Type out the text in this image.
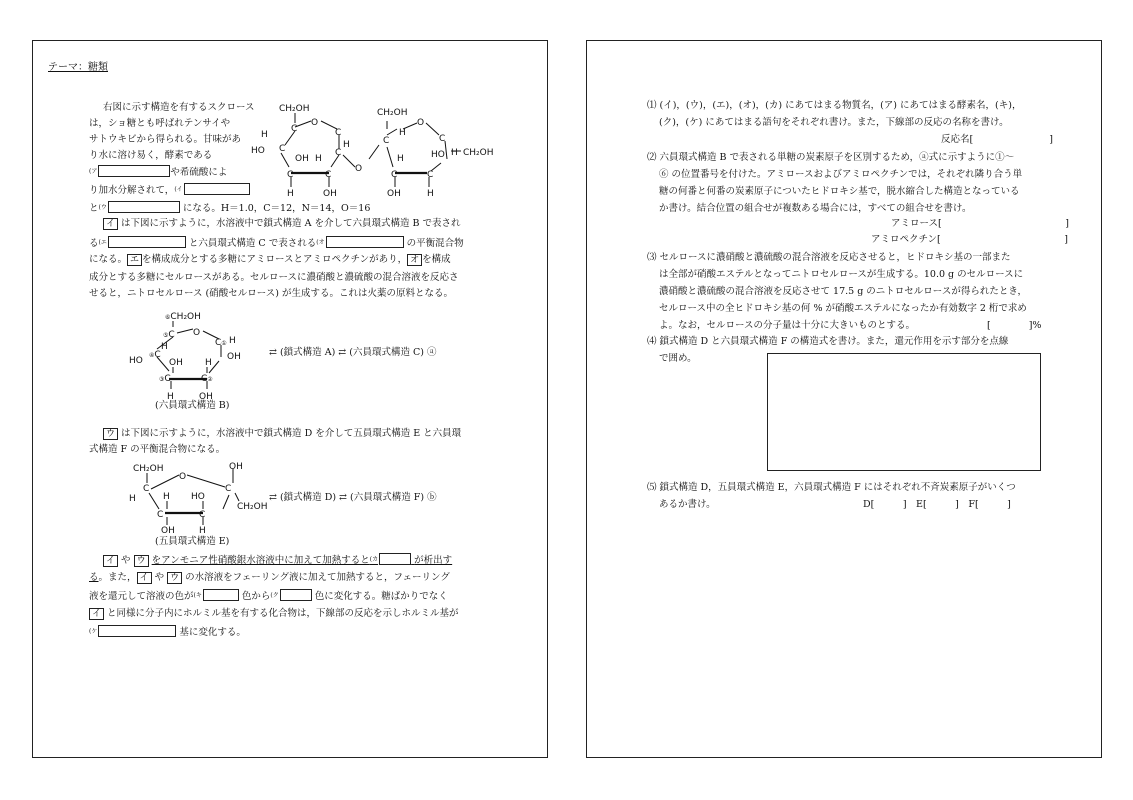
テーマ：糖類
右図に示す構造を有するスクロース
は，ショ糖とも呼ばれテンサイや
サトウキビから得られる。甘味があ
り水に溶け易く，酵素である
$^{(ア}$	や希硫酸によ
り加水分解されて，$^{(イ}$
と$^{(ウ}$	になる。H＝1.0，C＝12，N＝14，O＝16
CH₂OH
C
O
C
H
C
HO
H
C
OH H
C	C
H	OH
O
CH₂OH
C
H
O
C
H	HO
C	C
H CH₂OH
OH	H
イ は下図に示すように，水溶液中で鎖式構造 A を介して六員環式構造 B で表され
る$^{(エ}$	と六員環式構造 C で表される$^{(オ}$	の平衡混合物
になる。 エ を構成成分とする多糖にアミロースとアミロペクチンがあり， オ を構成
成分とする多糖にセルロースがある。セルロースに濃硝酸と濃硫酸の混合溶液を反応さ
せると，ニトロセルロース (硝酸セルロース) が生成する。これは火薬の原料となる。
⑥CH₂OH
⑤C O
H	C① H
OH
HO
④C
OH H
③C	C②
H	OH
⇄ (鎖式構造 A) ⇄ (六員環式構造 C) ⓐ
(六員環式構造 B)
ウ は下図に示すように，水溶液中で鎖式構造 D を介して五員環式構造 E と六員環
式構造 F の平衡混合物になる。
CH₂OH
C
O
OH
C
H
CH₂OH
H HO
C	C
OH	H
⇄ (鎖式構造 D) ⇄ (六員環式構造 F) ⓑ
(五員環式構造 E)
イ や ウ をアンモニア性硝酸銀水溶液中に加えて加熱すると$^{(カ}$	が析出す
る。また， イ や ウ の水溶液をフェーリング液に加えて加熱すると，フェーリング
液を還元して溶液の色が$^{(キ}$	色から$^{(ク}$	色に変化する。糖ばかりでなく
イ と同様に分子内にホルミル基を有する化合物は，下線部の反応を示しホルミル基が
$^{(ケ}$	基に変化する。
⑴ (イ)，(ウ)，(エ)，(オ)，(カ) にあてはまる物質名，(ア) にあてはまる酵素名，(キ)，
(ク)，(ケ) にあてはまる語句をそれぞれ書け。また，下線部の反応の名称を書け。
反応名[　　　　　　　　]
⑵ 六員環式構造 B で表される単糖の炭素原子を区別するため，ⓐ式に示すように①〜
⑥ の位置番号を付けた。アミロースおよびアミロペクチンでは，それぞれ隣り合う単
糖の何番と何番の炭素原子についたヒドロキシ基で，脱水縮合した構造となっている
か書け。結合位置の組合せが複数ある場合には，すべての組合せを書け。
アミロース[　　　　　　　　　　　　　]
アミロペクチン[　　　　　　　　　　　　　]
⑶ セルロースに濃硝酸と濃硫酸の混合溶液を反応させると，ヒドロキシ基の一部また
は全部が硝酸エステルとなってニトロセルロースが生成する。10.0 g のセルロースに
濃硝酸と濃硫酸の混合溶液を反応させて 17.5 g のニトロセルロースが得られたとき，
セルロース中の全ヒドロキシ基の何 % が硝酸エステルになったか有効数字 2 桁で求め
よ。なお，セルロースの分子量は十分に大きいものとする。	[　　　　]%
⑷ 鎖式構造 D と六員環式構造 F の構造式を書け。また，還元作用を示す部分を点線
で囲め。
⑸ 鎖式構造 D，五員環式構造 E，六員環式構造 F にはそれぞれ不斉炭素原子がいくつ
あるか書け。	D[　　　]　E[　　　]　F[　　　]
